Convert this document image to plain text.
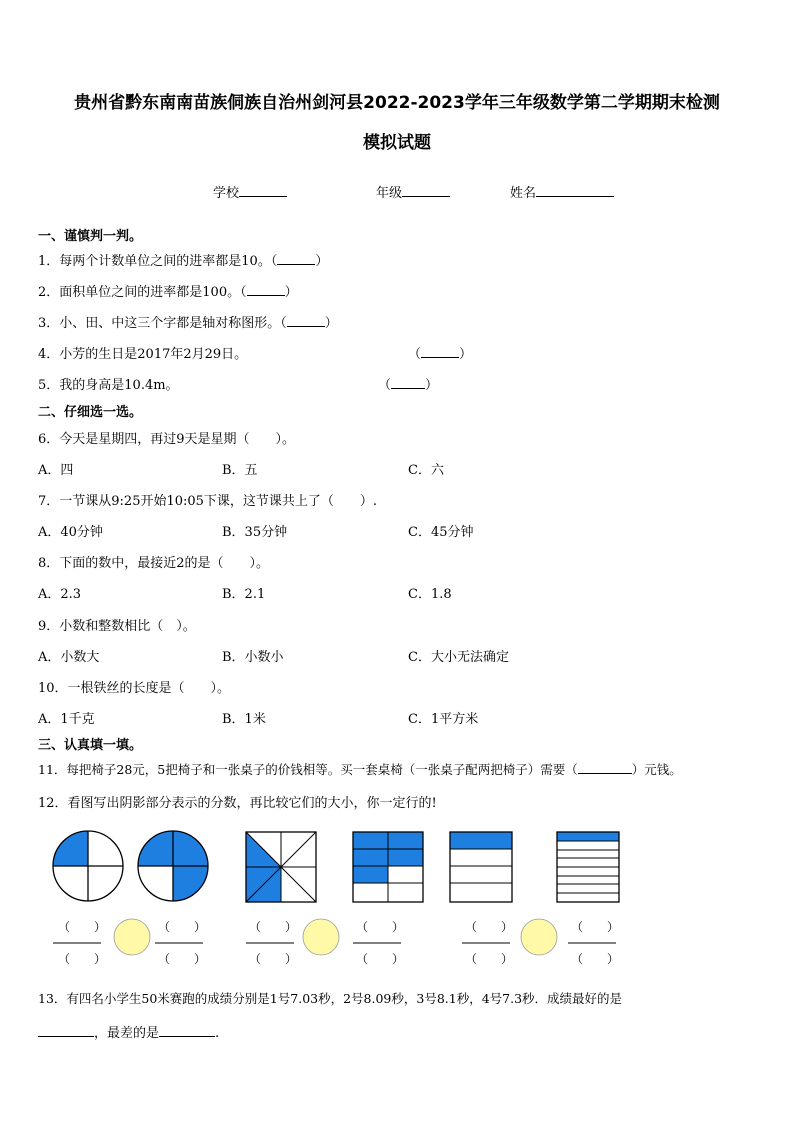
贵州省黔东南南苗族侗族自治州剑河县2022-2023学年三年级数学第二学期期末检测
模拟试题
学校	年级	姓名
一、谨慎判一判。
1．每两个计数单位之间的进率都是10。（	）
2．面积单位之间的进率都是100。（	）
3．小、田、中这三个字都是轴对称图形。（	）
4．小芳的生日是2017年2月29日。	（	）
5．我的身高是10.4m。	（	）
二、仔细选一选。
6．今天是星期四，再过9天是星期（　　）。
A．四	B．五	C．六
7．一节课从9:25开始10:05下课，这节课共上了（　　）.
A．40分钟	B．35分钟	C．45分钟
8．下面的数中，最接近2的是（　　）。
A．2.3	B．2.1	C．1.8
9．小数和整数相比（　）。
A．小数大	B．小数小	C．大小无法确定
10．一根铁丝的长度是（　　）。
A．1千克	B．1米	C．1平方米
三、认真填一填。
11．每把椅子28元，5把椅子和一张桌子的价钱相等。买一套桌椅（一张桌子配两把椅子）需要（	）元钱。
12．看图写出阴影部分表示的分数，再比较它们的大小，你一定行的!
（　　）
（　　）
（　　）
（　　）
（　　）
（　　）
（　　）
（　　）
（　　）
（　　）
（　　）
（　　）
13．有四名小学生50米赛跑的成绩分别是1号7.03秒，2号8.09秒，3号8.1秒，4号7.3秒．成绩最好的是
，最差的是	.
